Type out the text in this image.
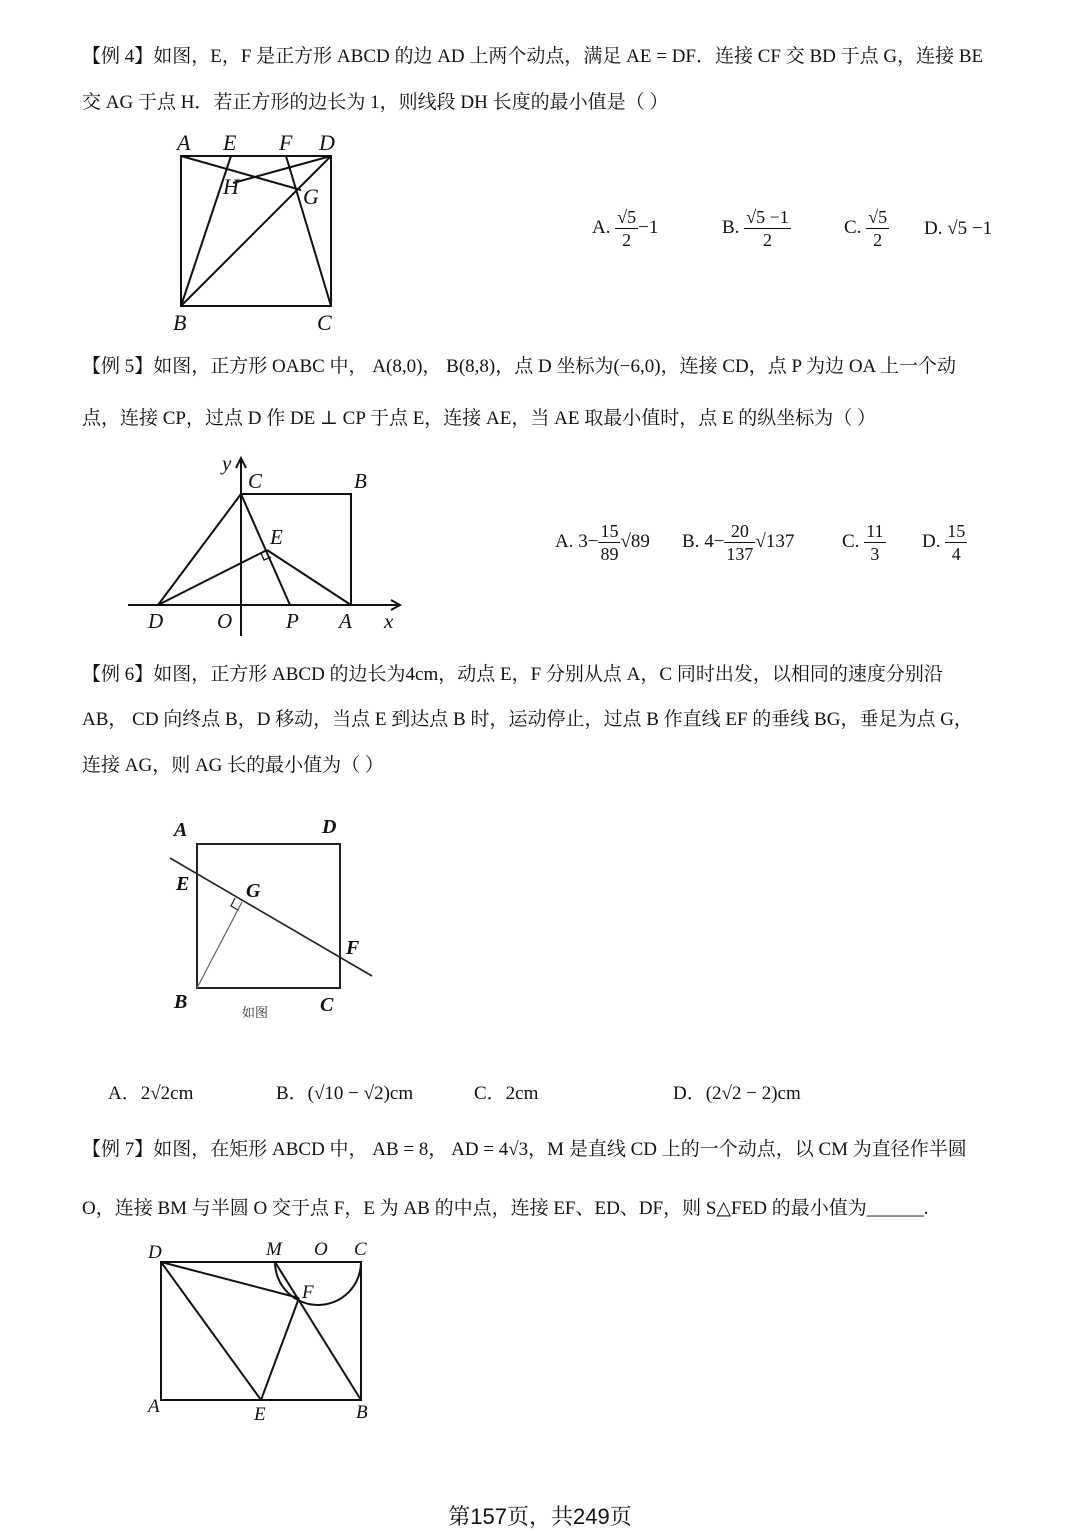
【例 4】如图，E，F 是正方形 ABCD 的边 AD 上两个动点，满足 AE = DF．连接 CF 交 BD 于点 G，连接 BE
交 AG 于点 H．若正方形的边长为 1，则线段 DH 长度的最小值是（ ）
A E F D
H	G
B	C
A. $\frac{√5}{2} -1$	B. $\frac{√5 -1}{2}$	C. $\frac{√5}{2} D$. √5 −1
【例 5】如图，正方形 OABC 中， A(8,0)， B(8,8)，点 D 坐标为(−6,0)，连接 CD，点 P 为边 OA 上一个动
点，连接 CP，过点 D 作 DE ⊥ CP 于点 E，连接 AE，当 AE 取最小值时，点 E 的纵坐标为（ ）
y
C	B
E
D	O	P A x
A. $3- \frac{15}{89} √89$ B. $4- \frac{20}{137} √137$	C. $\frac{11}{3} D$. $\frac{15}{4}$
【例 6】如图，正方形 ABCD 的边长为4cm，动点 E，F 分别从点 A，C 同时出发，以相同的速度分别沿
AB， CD 向终点 B，D 移动，当点 E 到达点 B 时，运动停止，过点 B 作直线 EF 的垂线 BG，垂足为点 G，
连接 AG，则 AG 长的最小值为（ ）
A	D
E	G
F
B	C
如图
A．2√2cm	B．(√10 − √2)cm	C．2cm	D．(2√2 − 2)cm
【例 7】如图，在矩形 ABCD 中， AB = 8， AD = 4√3，M 是直线 CD 上的一个动点，以 CM 为直径作半圆
O，连接 BM 与半圆 O 交于点 F，E 为 AB 的中点，连接 EF、ED、DF，则 S△FED 的最小值为______.
D	M O C
F
A	E	B
第157页，共249页
